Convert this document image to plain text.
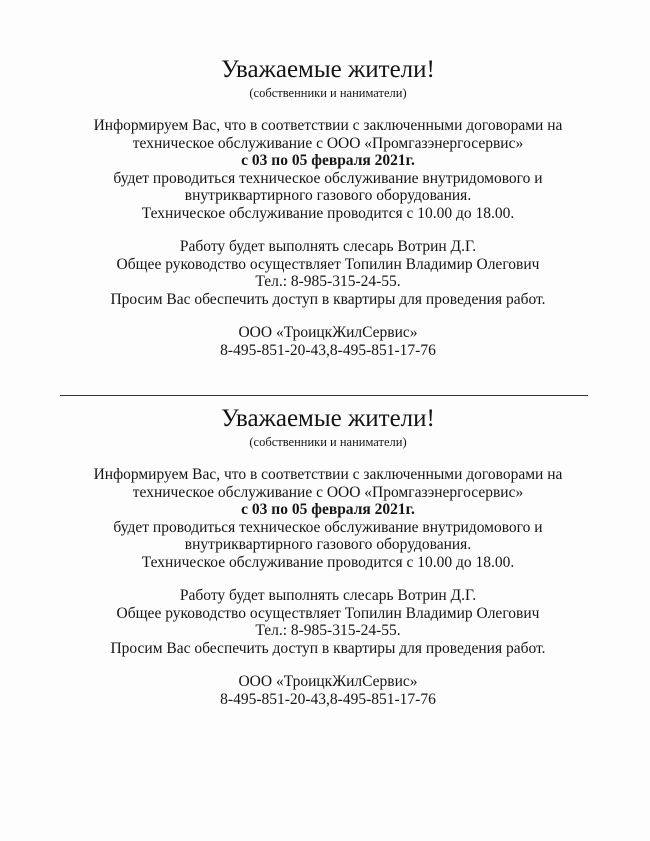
Уважаемые жители!

(собственники и наниматели)

Информируем Вас, что в соответствии с заключенными договорами на

техническое обслуживание с ООО «Промгазэнергосервис»

с 03 по 05 февраля 2021г.

будет проводиться техническое обслуживание внутридомового и

внутриквартирного газового оборудования.

Техническое обслуживание проводится с 10.00 до 18.00.

Работу будет выполнять слесарь Вотрин Д.Г.

Общее руководство осуществляет Топилин Владимир Олегович

Тел.: 8-985-315-24-55.

Просим Вас обеспечить доступ в квартиры для проведения работ.

ООО «ТроицкЖилСервис»

8-495-851-20-43,8-495-851-17-76

Уважаемые жители!

(собственники и наниматели)

Информируем Вас, что в соответствии с заключенными договорами на

техническое обслуживание с ООО «Промгазэнергосервис»

с 03 по 05 февраля 2021г.

будет проводиться техническое обслуживание внутридомового и

внутриквартирного газового оборудования.

Техническое обслуживание проводится с 10.00 до 18.00.

Работу будет выполнять слесарь Вотрин Д.Г.

Общее руководство осуществляет Топилин Владимир Олегович

Тел.: 8-985-315-24-55.

Просим Вас обеспечить доступ в квартиры для проведения работ.

ООО «ТроицкЖилСервис»

8-495-851-20-43,8-495-851-17-76
